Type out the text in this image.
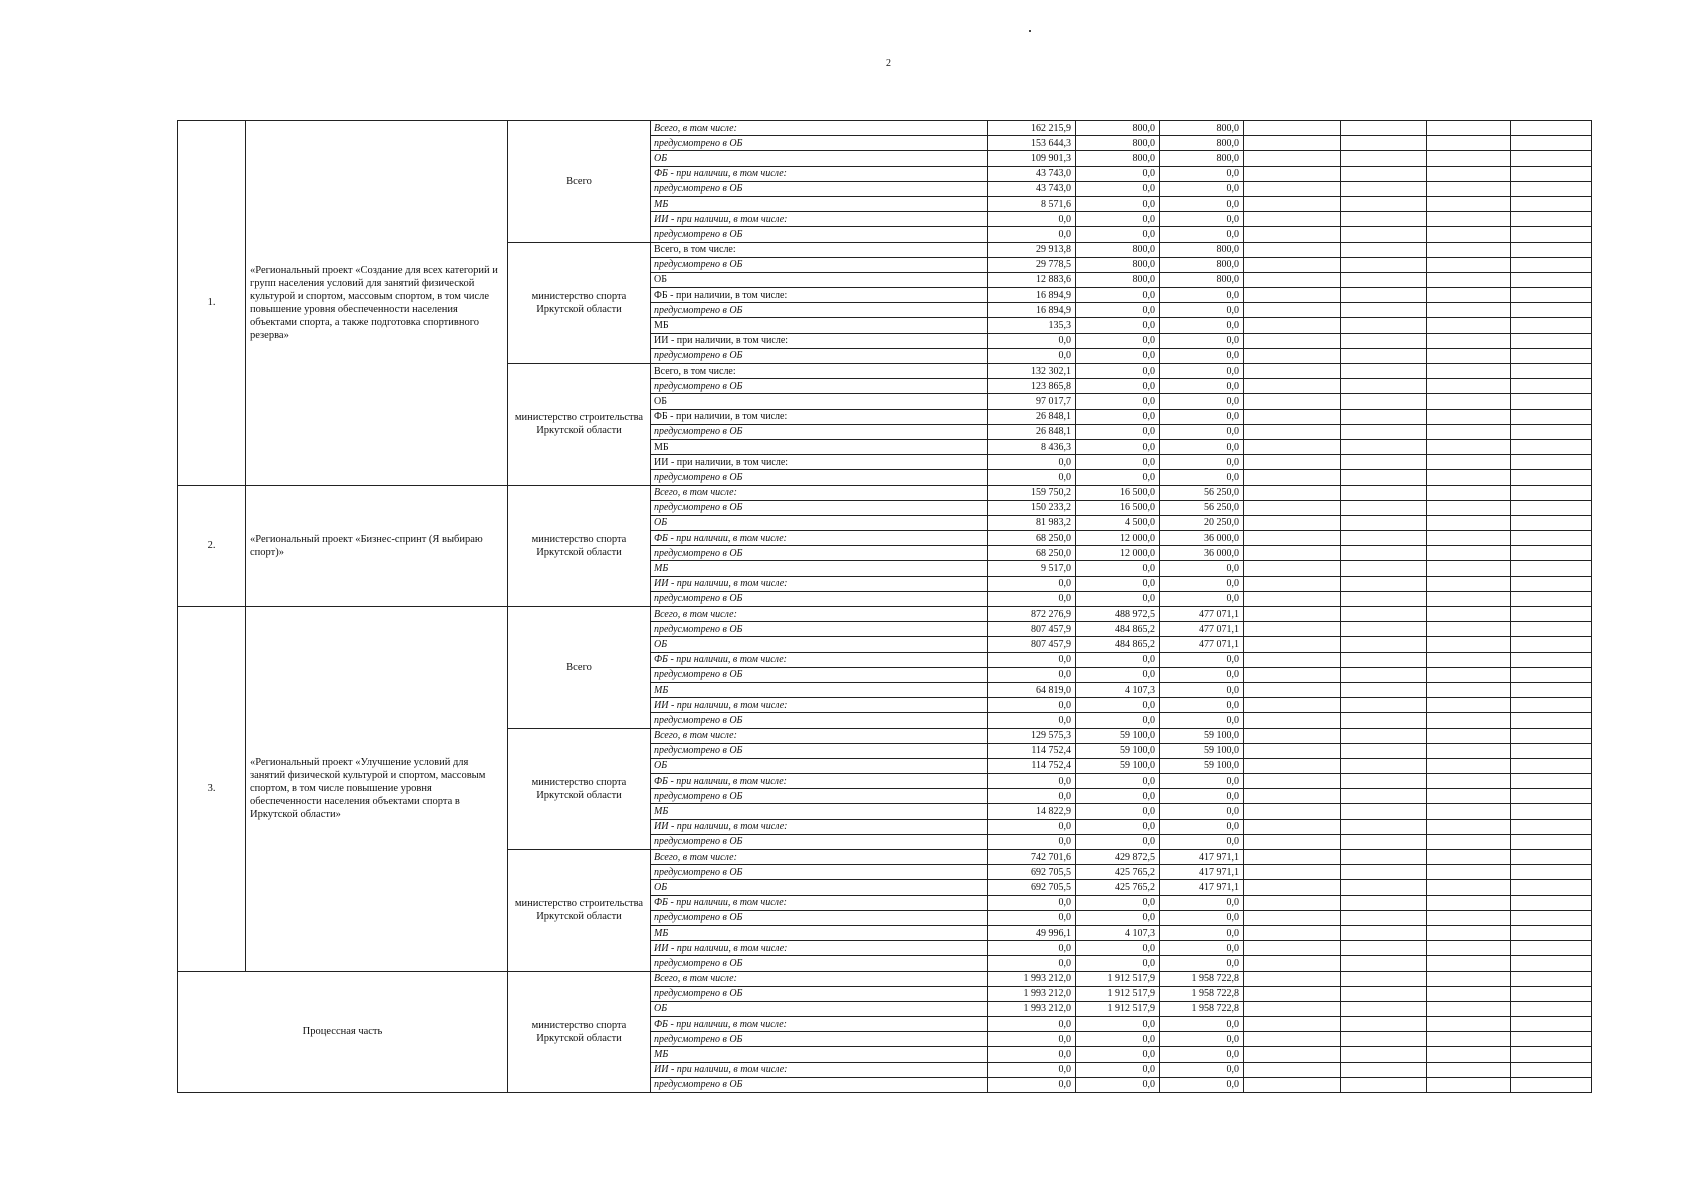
2
1.	«Региональный проект «Создание для всех категорий и групп населения условий для занятий физической культурой и спортом, массовым спортом, в том числе повышение уровня обеспеченности населения объектами спорта, а также подготовка спортивного резерва»	Всего	Всего, в том числе:	162 215,9	800,0	800,0				
			предусмотрено в ОБ	153 644,3	800,0	800,0				
			ОБ	109 901,3	800,0	800,0				
			ФБ - при наличии, в том числе:	43 743,0	0,0	0,0				
			предусмотрено в ОБ	43 743,0	0,0	0,0				
			МБ	8 571,6	0,0	0,0				
			ИИ - при наличии, в том числе:	0,0	0,0	0,0				
			предусмотрено в ОБ	0,0	0,0	0,0				
		министерство спорта Иркутской области	Всего, в том числе:	29 913,8	800,0	800,0				
			предусмотрено в ОБ	29 778,5	800,0	800,0				
			ОБ	12 883,6	800,0	800,0				
			ФБ - при наличии, в том числе:	16 894,9	0,0	0,0				
			предусмотрено в ОБ	16 894,9	0,0	0,0				
			МБ	135,3	0,0	0,0				
			ИИ - при наличии, в том числе:	0,0	0,0	0,0				
			предусмотрено в ОБ	0,0	0,0	0,0				
		министерство строительства Иркутской области	Всего, в том числе:	132 302,1	0,0	0,0				
			предусмотрено в ОБ	123 865,8	0,0	0,0				
			ОБ	97 017,7	0,0	0,0				
			ФБ - при наличии, в том числе:	26 848,1	0,0	0,0				
			предусмотрено в ОБ	26 848,1	0,0	0,0				
			МБ	8 436,3	0,0	0,0				
			ИИ - при наличии, в том числе:	0,0	0,0	0,0				
			предусмотрено в ОБ	0,0	0,0	0,0				
2.	«Региональный проект «Бизнес-спринт (Я выбираю спорт)»	министерство спорта Иркутской области	Всего, в том числе:	159 750,2	16 500,0	56 250,0				
			предусмотрено в ОБ	150 233,2	16 500,0	56 250,0				
			ОБ	81 983,2	4 500,0	20 250,0				
			ФБ - при наличии, в том числе:	68 250,0	12 000,0	36 000,0				
			предусмотрено в ОБ	68 250,0	12 000,0	36 000,0				
			МБ	9 517,0	0,0	0,0				
			ИИ - при наличии, в том числе:	0,0	0,0	0,0				
			предусмотрено в ОБ	0,0	0,0	0,0				
3.	«Региональный проект «Улучшение условий для занятий физической культурой и спортом, массовым спортом, в том числе повышение уровня обеспеченности населения объектами спорта в Иркутской области»	Всего	Всего, в том числе:	872 276,9	488 972,5	477 071,1				
			предусмотрено в ОБ	807 457,9	484 865,2	477 071,1				
			ОБ	807 457,9	484 865,2	477 071,1				
			ФБ - при наличии, в том числе:	0,0	0,0	0,0				
			предусмотрено в ОБ	0,0	0,0	0,0				
			МБ	64 819,0	4 107,3	0,0				
			ИИ - при наличии, в том числе:	0,0	0,0	0,0				
			предусмотрено в ОБ	0,0	0,0	0,0				
		министерство спорта Иркутской области	Всего, в том числе:	129 575,3	59 100,0	59 100,0				
			предусмотрено в ОБ	114 752,4	59 100,0	59 100,0				
			ОБ	114 752,4	59 100,0	59 100,0				
			ФБ - при наличии, в том числе:	0,0	0,0	0,0				
			предусмотрено в ОБ	0,0	0,0	0,0				
			МБ	14 822,9	0,0	0,0				
			ИИ - при наличии, в том числе:	0,0	0,0	0,0				
			предусмотрено в ОБ	0,0	0,0	0,0				
		министерство строительства Иркутской области	Всего, в том числе:	742 701,6	429 872,5	417 971,1				
			предусмотрено в ОБ	692 705,5	425 765,2	417 971,1				
			ОБ	692 705,5	425 765,2	417 971,1				
			ФБ - при наличии, в том числе:	0,0	0,0	0,0				
			предусмотрено в ОБ	0,0	0,0	0,0				
			МБ	49 996,1	4 107,3	0,0				
			ИИ - при наличии, в том числе:	0,0	0,0	0,0				
			предусмотрено в ОБ	0,0	0,0	0,0				
Процессная часть		министерство спорта Иркутской области	Всего, в том числе:	1 993 212,0	1 912 517,9	1 958 722,8				
			предусмотрено в ОБ	1 993 212,0	1 912 517,9	1 958 722,8				
			ОБ	1 993 212,0	1 912 517,9	1 958 722,8				
			ФБ - при наличии, в том числе:	0,0	0,0	0,0				
			предусмотрено в ОБ	0,0	0,0	0,0				
			МБ	0,0	0,0	0,0				
			ИИ - при наличии, в том числе:	0,0	0,0	0,0				
			предусмотрено в ОБ	0,0	0,0	0,0				
